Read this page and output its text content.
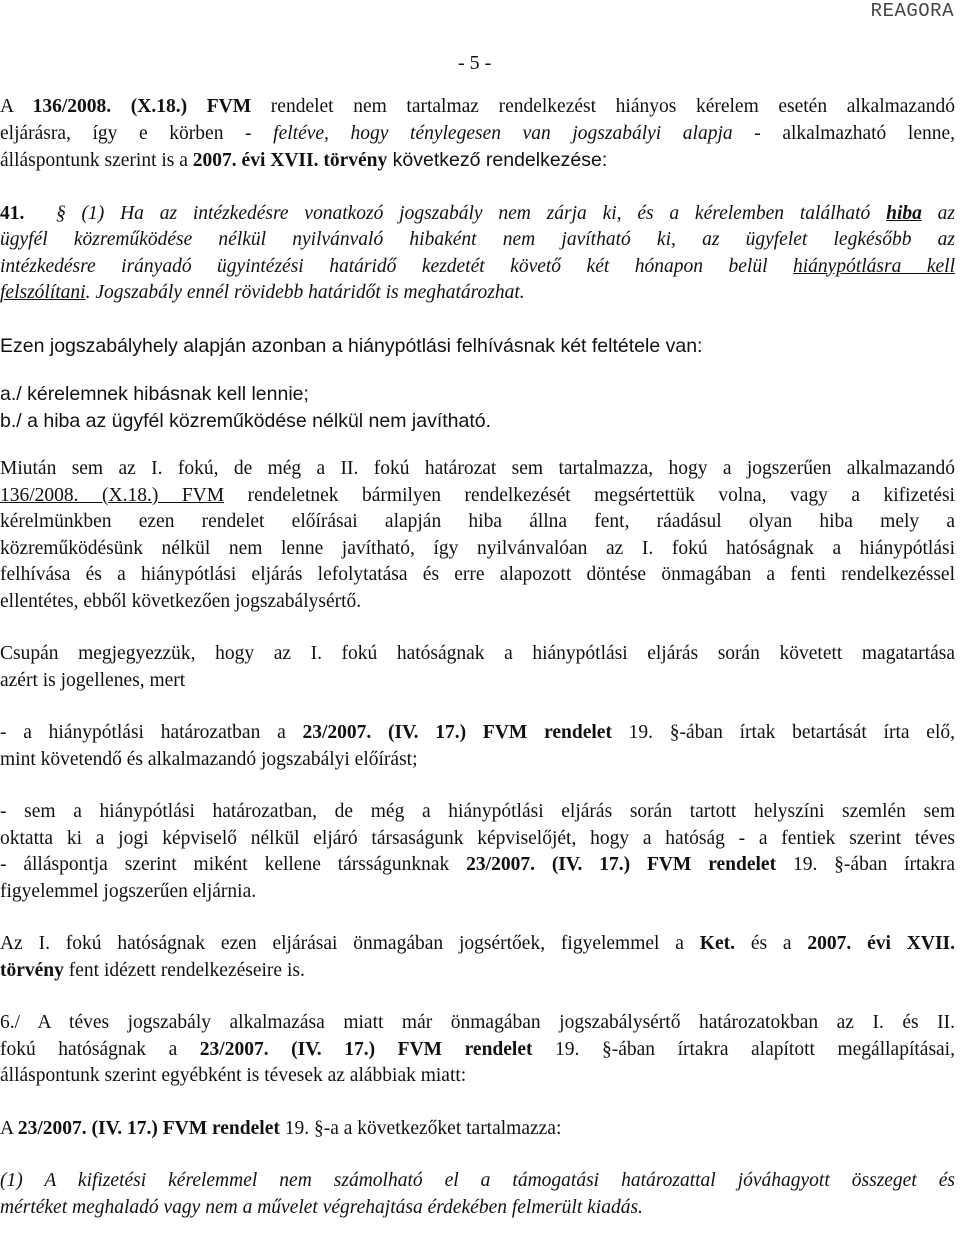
REAGORA
- 5 -

A 136/2008. (X.18.) FVM rendelet nem tartalmaz rendelkezést hiányos kérelem esetén alkalmazandó

eljárásra, így e körben - feltéve, hogy ténylegesen van jogszabályi alapja - alkalmazható lenne,

álláspontunk szerint is a 2007. évi XVII. törvény következő rendelkezése:

41. § (1) Ha az intézkedésre vonatkozó jogszabály nem zárja ki, és a kérelemben található hiba az

ügyfél közreműködése nélkül nyilvánvaló hibaként nem javítható ki, az ügyfelet legkésőbb az

intézkedésre irányadó ügyintézési határidő kezdetét követő két hónapon belül hiánypótlásra kell

felszólítani. Jogszabály ennél rövidebb határidőt is meghatározhat.

Ezen jogszabályhely alapján azonban a hiánypótlási felhívásnak két feltétele van:

a./ kérelemnek hibásnak kell lennie;

b./ a hiba az ügyfél közreműködése nélkül nem javítható.

Miután sem az I. fokú, de még a II. fokú határozat sem tartalmazza, hogy a jogszerűen alkalmazandó

136/2008. (X.18.) FVM rendeletnek bármilyen rendelkezését megsértettük volna, vagy a kifizetési

kérelmünkben ezen rendelet előírásai alapján hiba állna fent, ráadásul olyan hiba mely a

közreműködésünk nélkül nem lenne javítható, így nyilvánvalóan az I. fokú hatóságnak a hiánypótlási

felhívása és a hiánypótlási eljárás lefolytatása és erre alapozott döntése önmagában a fenti rendelkezéssel

ellentétes, ebből következően jogszabálysértő.

Csupán megjegyezzük, hogy az I. fokú hatóságnak a hiánypótlási eljárás során követett magatartása

azért is jogellenes, mert

- a hiánypótlási határozatban a 23/2007. (IV. 17.) FVM rendelet 19. §-ában írtak betartását írta elő,

mint követendő és alkalmazandó jogszabályi előírást;

- sem a hiánypótlási határozatban, de még a hiánypótlási eljárás során tartott helyszíni szemlén sem

oktatta ki a jogi képviselő nélkül eljáró társaságunk képviselőjét, hogy a hatóság - a fentiek szerint téves

- álláspontja szerint miként kellene társságunknak 23/2007. (IV. 17.) FVM rendelet 19. §-ában írtakra

figyelemmel jogszerűen eljárnia.

Az I. fokú hatóságnak ezen eljárásai önmagában jogsértőek, figyelemmel a Ket. és a 2007. évi XVII.

törvény fent idézett rendelkezéseire is.

6./ A téves jogszabály alkalmazása miatt már önmagában jogszabálysértő határozatokban az I. és II.

fokú hatóságnak a 23/2007. (IV. 17.) FVM rendelet 19. §-ában írtakra alapított megállapításai,

álláspontunk szerint egyébként is tévesek az alábbiak miatt:

A 23/2007. (IV. 17.) FVM rendelet 19. §-a a következőket tartalmazza:

(1) A kifizetési kérelemmel nem számolható el a támogatási határozattal jóváhagyott összeget és

mértéket meghaladó vagy nem a művelet végrehajtása érdekében felmerült kiadás.
